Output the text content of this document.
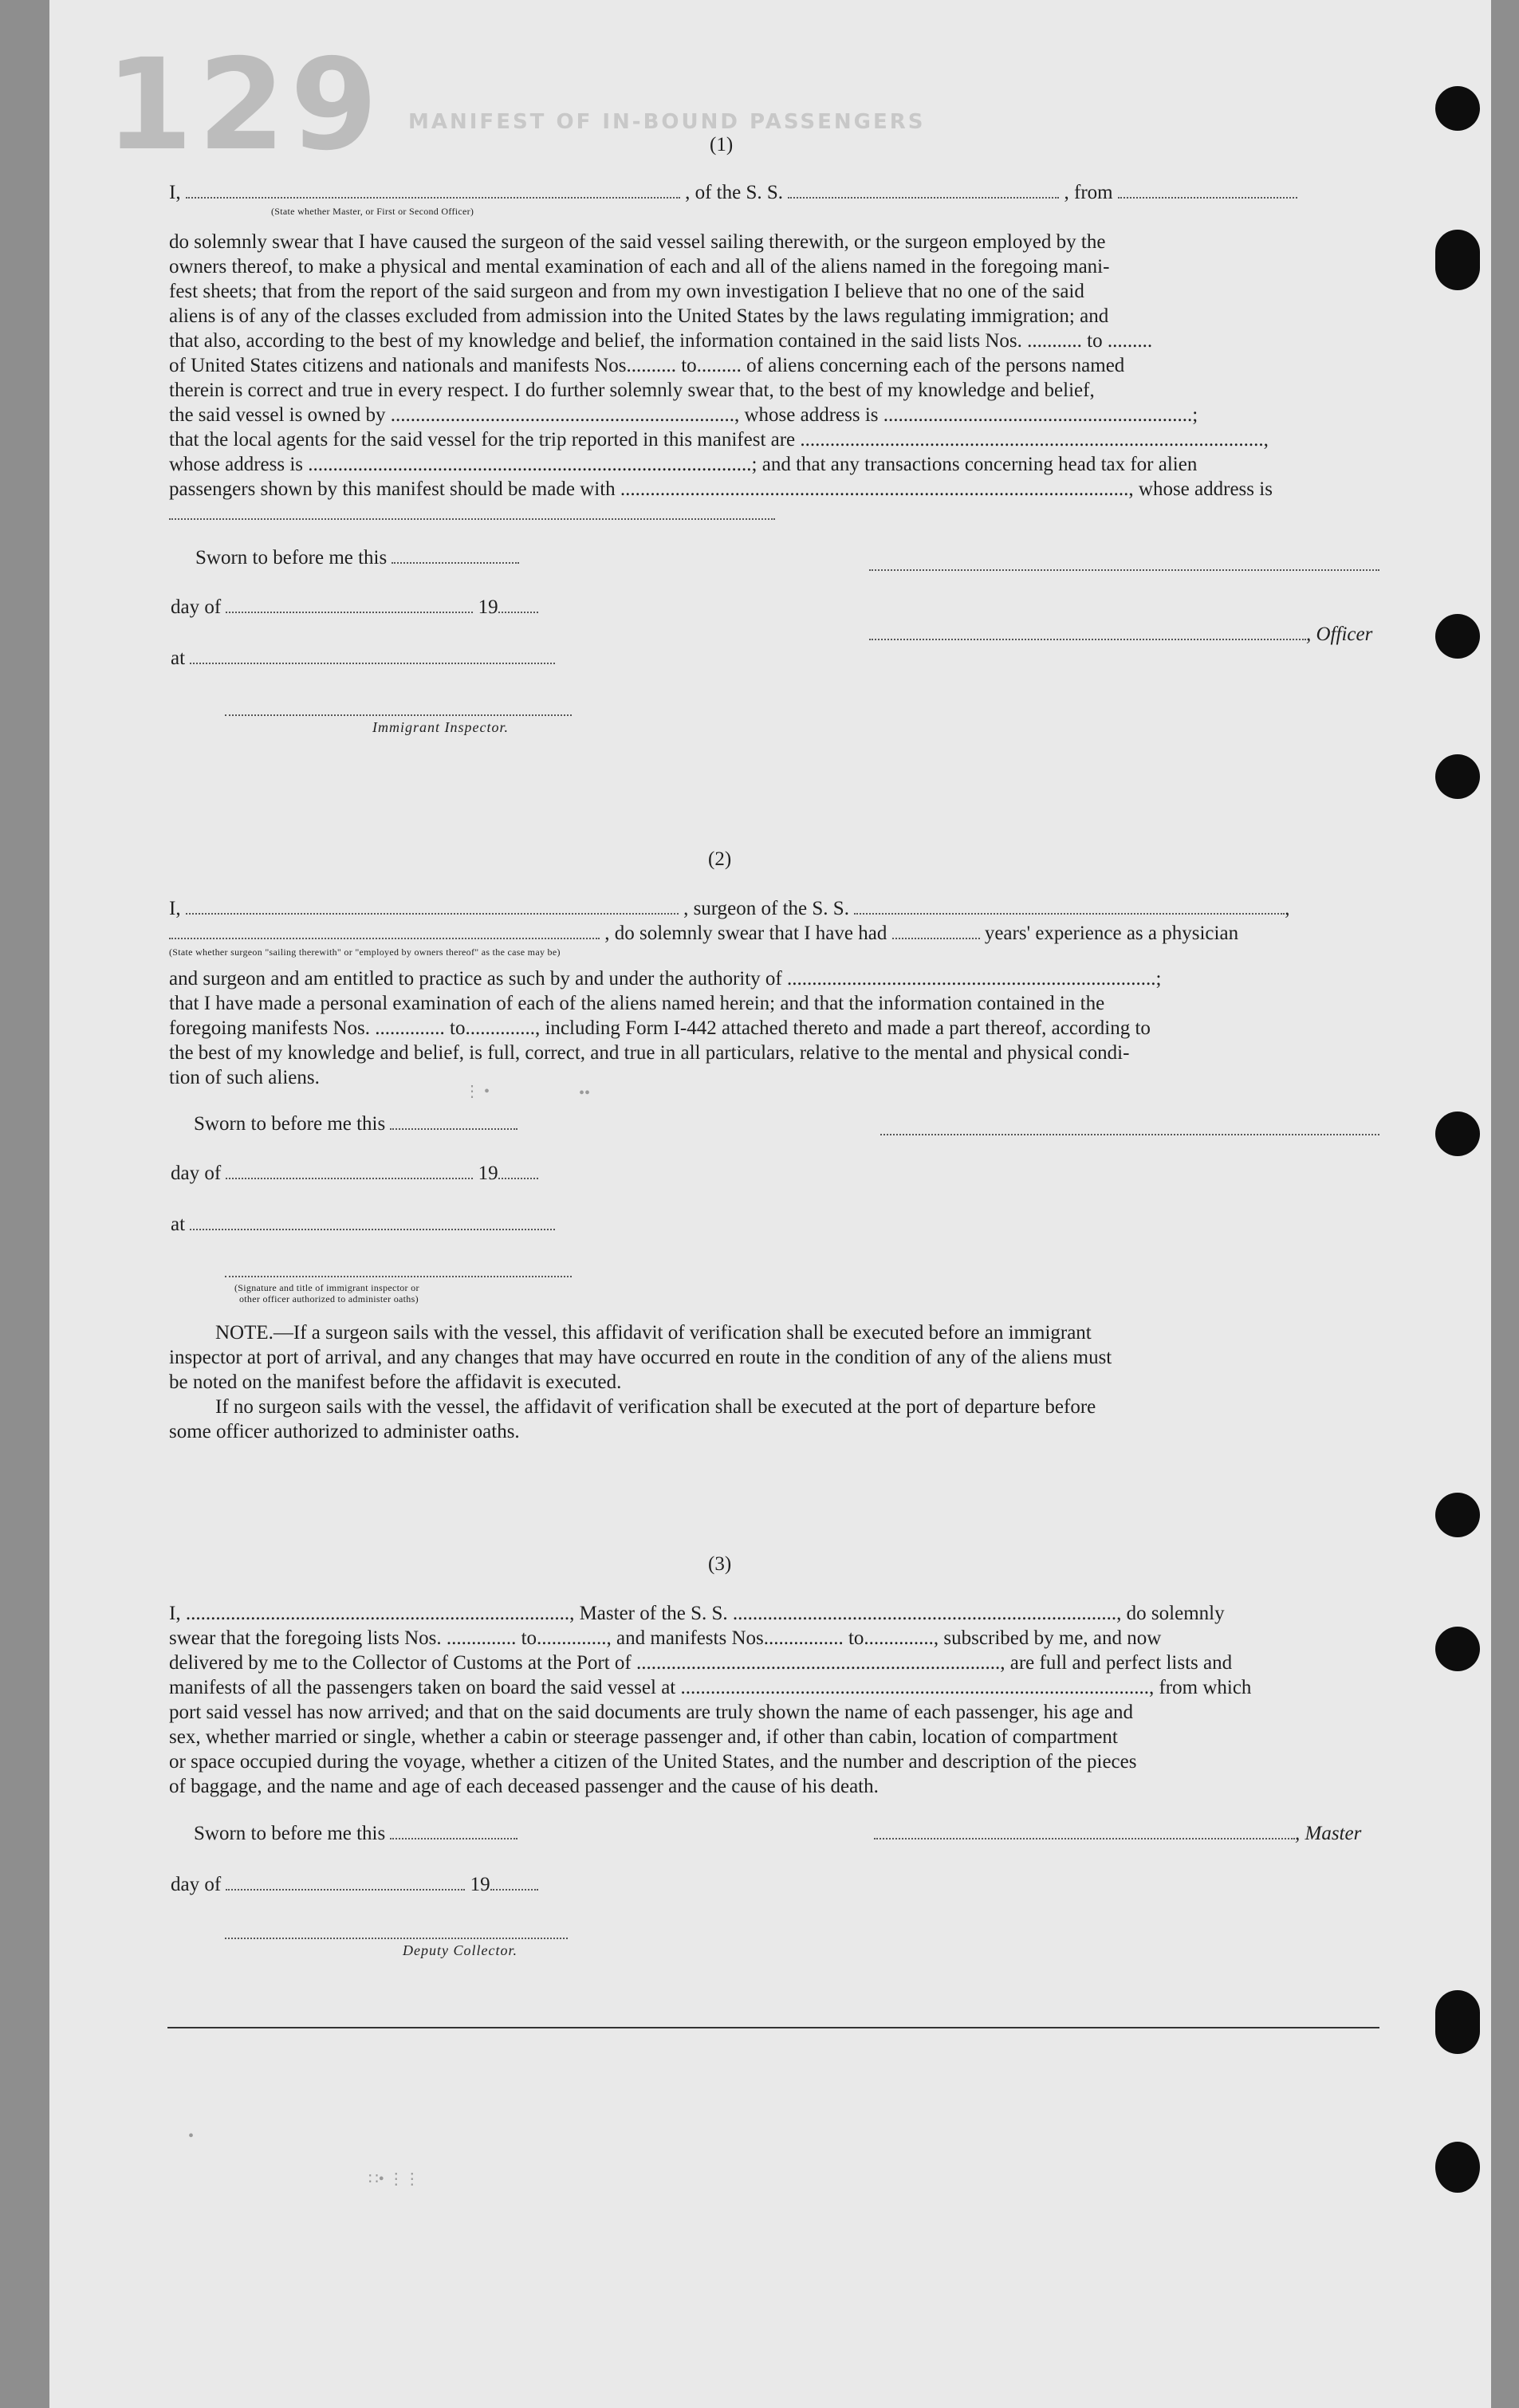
129 MANIFEST OF IN-BOUND PASSENGERS
(1)
I,	, of the S. S.	, from
(State whether Master, or First or Second Officer)
do solemnly swear that I have caused the surgeon of the said vessel sailing therewith, or the surgeon employed by the
owners thereof, to make a physical and mental examination of each and all of the aliens named in the foregoing mani-
fest sheets; that from the report of the said surgeon and from my own investigation I believe that no one of the said
aliens is of any of the classes excluded from admission into the United States by the laws regulating immigration; and
that also, according to the best of my knowledge and belief, the information contained in the said lists Nos. ........... to .........
of United States citizens and nationals and manifests Nos.......... to......... of aliens concerning each of the persons named
therein is correct and true in every respect. I do further solemnly swear that, to the best of my knowledge and belief,
the said vessel is owned by ....................................................................., whose address is ..............................................................;
that the local agents for the said vessel for the trip reported in this manifest are .............................................................................................,
whose address is .........................................................................................; and that any transactions concerning head tax for alien
passengers shown by this manifest should be made with ......................................................................................................, whose address is
Sworn to before me this
day of	19
, Officer
at
Immigrant Inspector.
(2)
I,	, surgeon of the S. S.	,
, do solemnly swear that I have had	years' experience as a physician
(State whether surgeon "sailing therewith" or "employed by owners thereof" as the case may be)
and surgeon and am entitled to practice as such by and under the authority of ..........................................................................;
that I have made a personal examination of each of the aliens named herein; and that the information contained in the
foregoing manifests Nos. .............. to.............., including Form I-442 attached thereto and made a part thereof, according to
the best of my knowledge and belief, is full, correct, and true in all particulars, relative to the mental and physical condi-
tion of such aliens.
⋮ •	••
Sworn to before me this
day of	19
at
(Signature and title of immigrant inspector or
other officer authorized to administer oaths)
NOTE.—If a surgeon sails with the vessel, this affidavit of verification shall be executed before an immigrant
inspector at port of arrival, and any changes that may have occurred en route in the condition of any of the aliens must
be noted on the manifest before the affidavit is executed.
If no surgeon sails with the vessel, the affidavit of verification shall be executed at the port of departure before
some officer authorized to administer oaths.
(3)
I, ............................................................................., Master of the S. S. ............................................................................., do solemnly
swear that the foregoing lists Nos. .............. to.............., and manifests Nos................ to.............., subscribed by me, and now
delivered by me to the Collector of Customs at the Port of ........................................................................., are full and perfect lists and
manifests of all the passengers taken on board the said vessel at .............................................................................................., from which
port said vessel has now arrived; and that on the said documents are truly shown the name of each passenger, his age and
sex, whether married or single, whether a cabin or steerage passenger and, if other than cabin, location of compartment
or space occupied during the voyage, whether a citizen of the United States, and the number and description of the pieces
of baggage, and the name and age of each deceased passenger and the cause of his death.
Sworn to before me this	, Master
day of	19
Deputy Collector.
•
∷• ⋮⋮
